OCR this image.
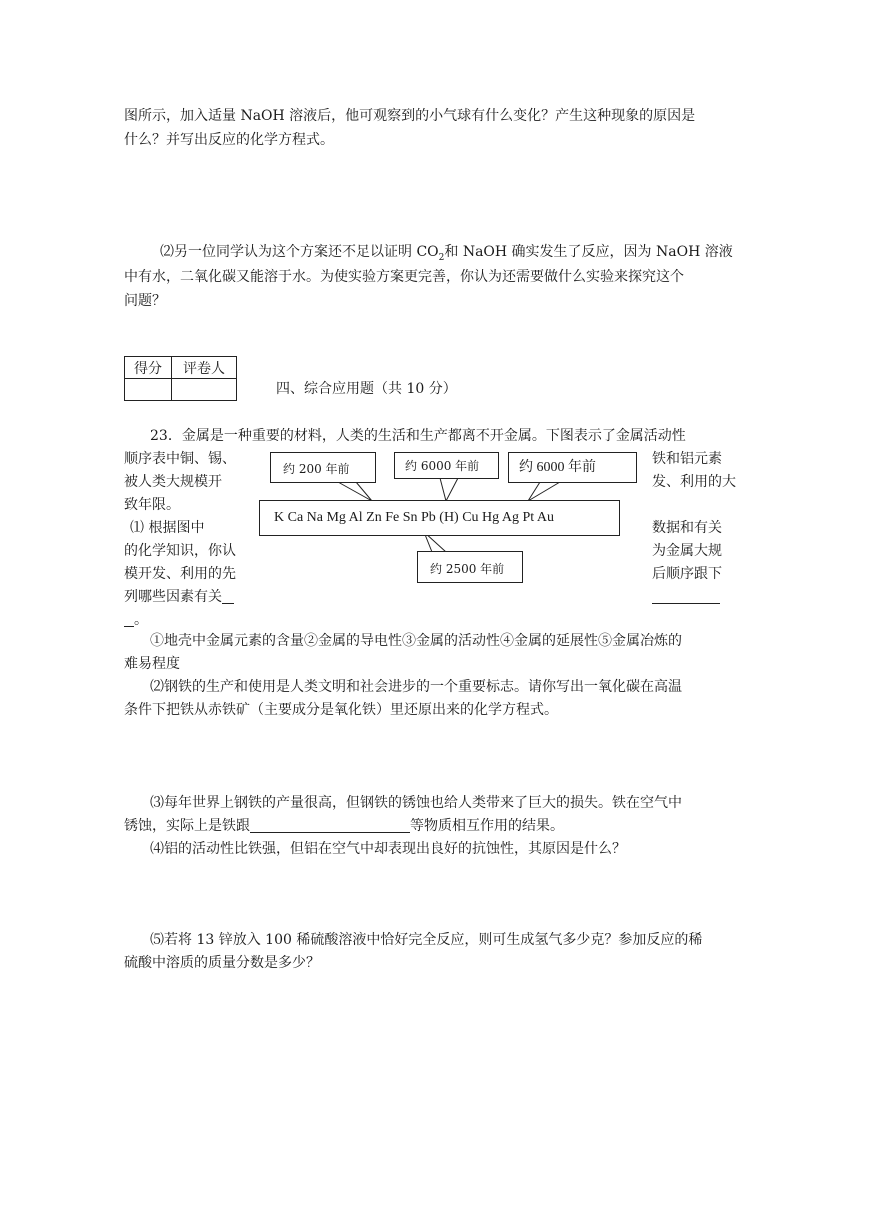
图所示，加入适量 NaOH 溶液后，他可观察到的小气球有什么变化？产生这种现象的原因是
什么？并写出反应的化学方程式。
⑵另一位同学认为这个方案还不足以证明 $CO_2$和 NaOH 确实发生了反应，因为 NaOH 溶液
中有水，二氧化碳又能溶于水。为使实验方案更完善，你认为还需要做什么实验来探究这个
问题？
得分	评卷人

四、综合应用题（共 10 分）
23．金属是一种重要的材料，人类的生活和生产都离不开金属。下图表示了金属活动性
顺序表中铜、锡、
被人类大规模开
致年限。
⑴ 根据图中
的化学知识，你认
模开发、利用的先
列哪些因素有关
。
铁和铝元素
发、利用的大
数据和有关
为金属大规
后顺序跟下
约 200 年前	约 6000 年前	约 6000 年前
K Ca Na Mg Al Zn Fe Sn Pb (H) Cu Hg Ag Pt Au
约 2500 年前
①地壳中金属元素的含量②金属的导电性③金属的活动性④金属的延展性⑤金属冶炼的
难易程度
⑵钢铁的生产和使用是人类文明和社会进步的一个重要标志。请你写出一氧化碳在高温
条件下把铁从赤铁矿（主要成分是氧化铁）里还原出来的化学方程式。
⑶每年世界上钢铁的产量很高，但钢铁的锈蚀也给人类带来了巨大的损失。铁在空气中
锈蚀，实际上是铁跟	等物质相互作用的结果。
⑷铝的活动性比铁强，但铝在空气中却表现出良好的抗蚀性，其原因是什么？
⑸若将 13 锌放入 100 稀硫酸溶液中恰好完全反应，则可生成氢气多少克？参加反应的稀
硫酸中溶质的质量分数是多少？
